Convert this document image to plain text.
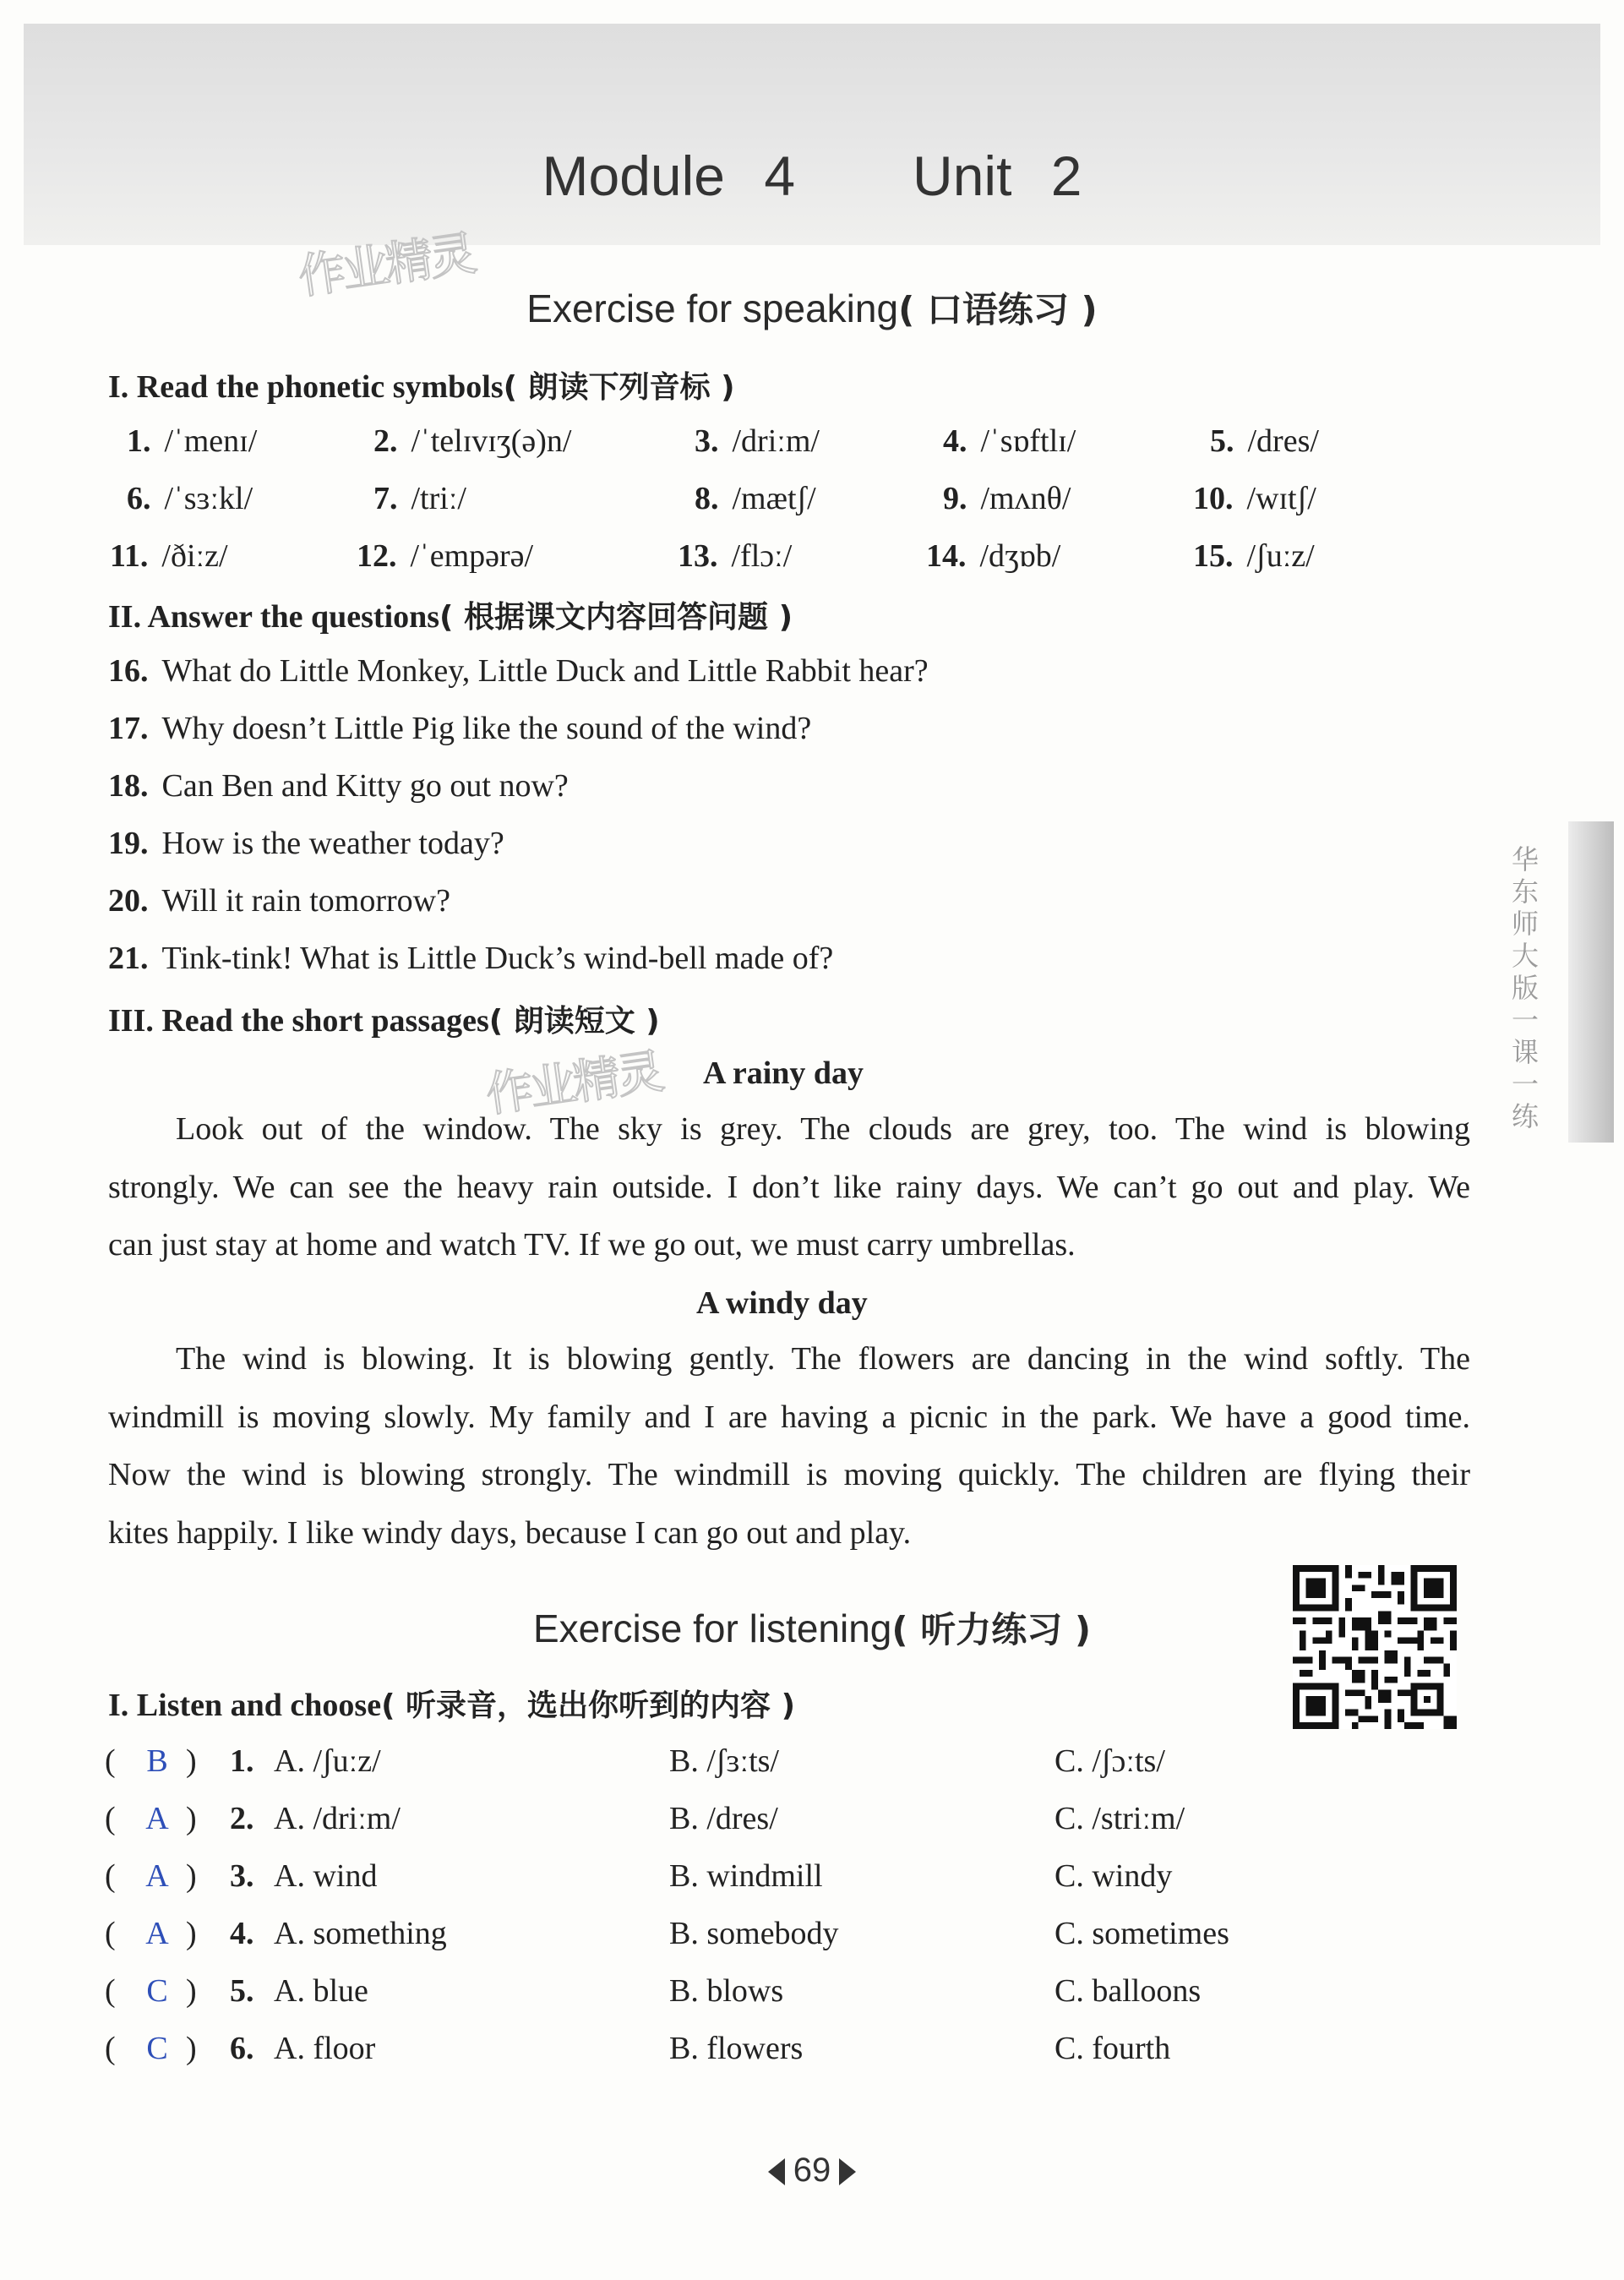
Module 4   Unit 2
作业精灵
作业精灵
Exercise for speaking( 口语练习 )
I. Read the phonetic symbols( 朗读下列音标 )
1. /ˈmenɪ/	2. /ˈtelɪvɪʒ(ə)n/	3. /driːm/	4. /ˈsɒftlɪ/	5. /dres/
6. /ˈsɜːkl/	7. /triː/	8. /mætʃ/	9. /mʌnθ/	10. /wɪtʃ/
11. /ðiːz/	12. /ˈempərə/	13. /flɔː/	14. /dʒɒb/	15. /ʃuːz/
II. Answer the questions( 根据课文内容回答问题 )
16. What do Little Monkey, Little Duck and Little Rabbit hear?
17. Why doesn’t Little Pig like the sound of the wind?
18. Can Ben and Kitty go out now?
19. How is the weather today?
20. Will it rain tomorrow?
21. Tink-tink! What is Little Duck’s wind-bell made of?
III. Read the short passages( 朗读短文 )
A rainy day
Look out of the window. The sky is grey. The clouds are grey, too. The wind is blowing
strongly. We can see the heavy rain outside. I don’t like rainy days. We can’t go out and play. We
can just stay at home and watch TV. If we go out, we must carry umbrellas.
A windy day
The wind is blowing. It is blowing gently. The flowers are dancing in the wind softly. The
windmill is moving slowly. My family and I are having a picnic in the park. We have a good time.
Now the wind is blowing strongly. The windmill is moving quickly. The children are flying their
kites happily. I like windy days, because I can go out and play.
华东师大版一课一练
Exercise for listening( 听力练习 )
I. Listen and choose( 听录音，选出你听到的内容 )
( B ) 1. A. /ʃuːz/	B. /ʃɜːts/	C. /ʃɔːts/
( A ) 2. A. /driːm/	B. /dres/	C. /striːm/
( A ) 3. A. wind	B. windmill	C. windy
( A ) 4. A. something	B. somebody	C. sometimes
( C ) 5. A. blue	B. blows	C. balloons
( C ) 6. A. floor	B. flowers	C. fourth
69
